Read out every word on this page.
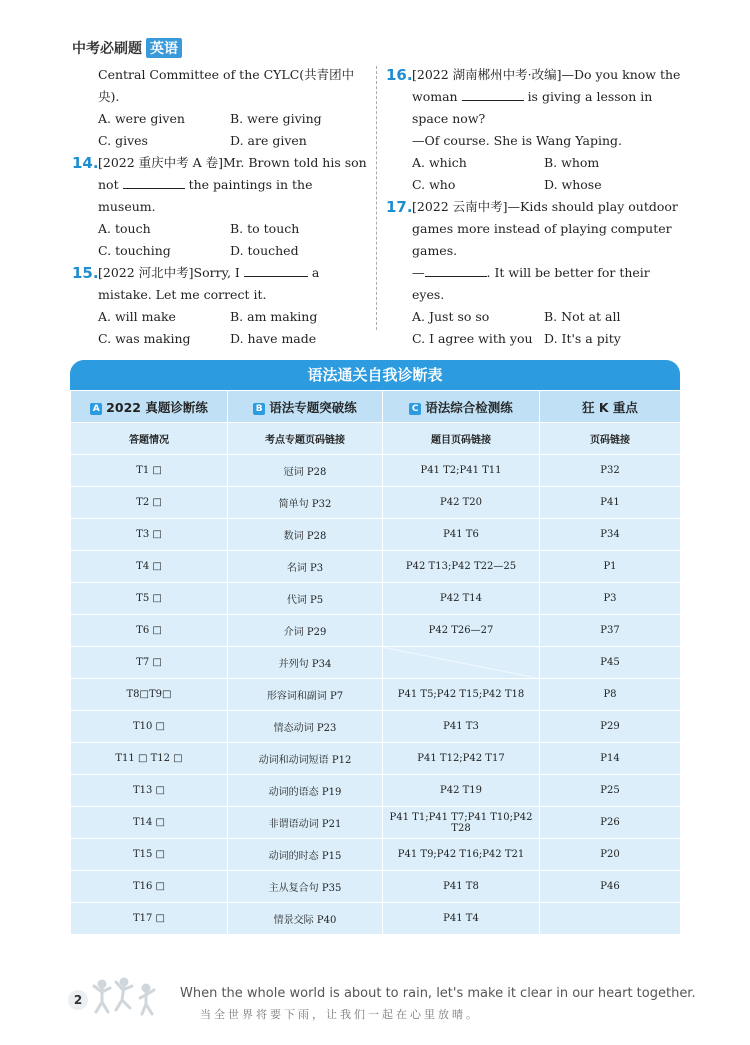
中考必刷题 英语
Central Committee of the CYLC(共青团中央).
A. were given	B. were giving
C. gives	D. are given
14. [2022 重庆中考 A 卷]Mr. Brown told his son not	the paintings in the museum.
A. touch	B. to touch
C. touching	D. touched
15. [2022 河北中考]Sorry, I	a mistake. Let me correct it.
A. will make	B. am making
C. was making	D. have made
16. [2022 湖南郴州中考·改编]—Do you know the woman	is giving a lesson in space now?
—Of course. She is Wang Yaping.
A. which	B. whom
C. who	D. whose
17. [2022 云南中考]—Kids should play outdoor games more instead of playing computer games.
—	. It will be better for their eyes.
A. Just so so	B. Not at all
C. I agree with you D. It's a pity
语法通关自我诊断表
A 2022 真题诊断练	B 语法专题突破练	C 语法综合检测练	狂 K 重点
答题情况	考点专题页码链接	题目页码链接	页码链接
T1 □	冠词 P28	P41 T2;P41 T11	P32
T2 □	简单句 P32	P42 T20	P41
T3 □	数词 P28	P41 T6	P34
T4 □	名词 P3	P42 T13;P42 T22—25	P1
T5 □	代词 P5	P42 T14	P3
T6 □	介词 P29	P42 T26—27	P37
T7 □	并列句 P34		P45
T8□T9□	形容词和副词 P7	P41 T5;P42 T15;P42 T18	P8
T10 □	情态动词 P23	P41 T3	P29
T11 □ T12 □	动词和动词短语 P12	P41 T12;P42 T17	P14
T13 □	动词的语态 P19	P42 T19	P25
T14 □	非谓语动词 P21	P41 T1;P41 T7;P41 T10;P42 T28	P26
T15 □	动词的时态 P15	P41 T9;P42 T16;P42 T21	P20
T16 □	主从复合句 P35	P41 T8	P46
T17 □	情景交际 P40	P41 T4	
2	When the whole world is about to rain, let's make it clear in our heart together.
当全世界将要下雨，让我们一起在心里放晴。
